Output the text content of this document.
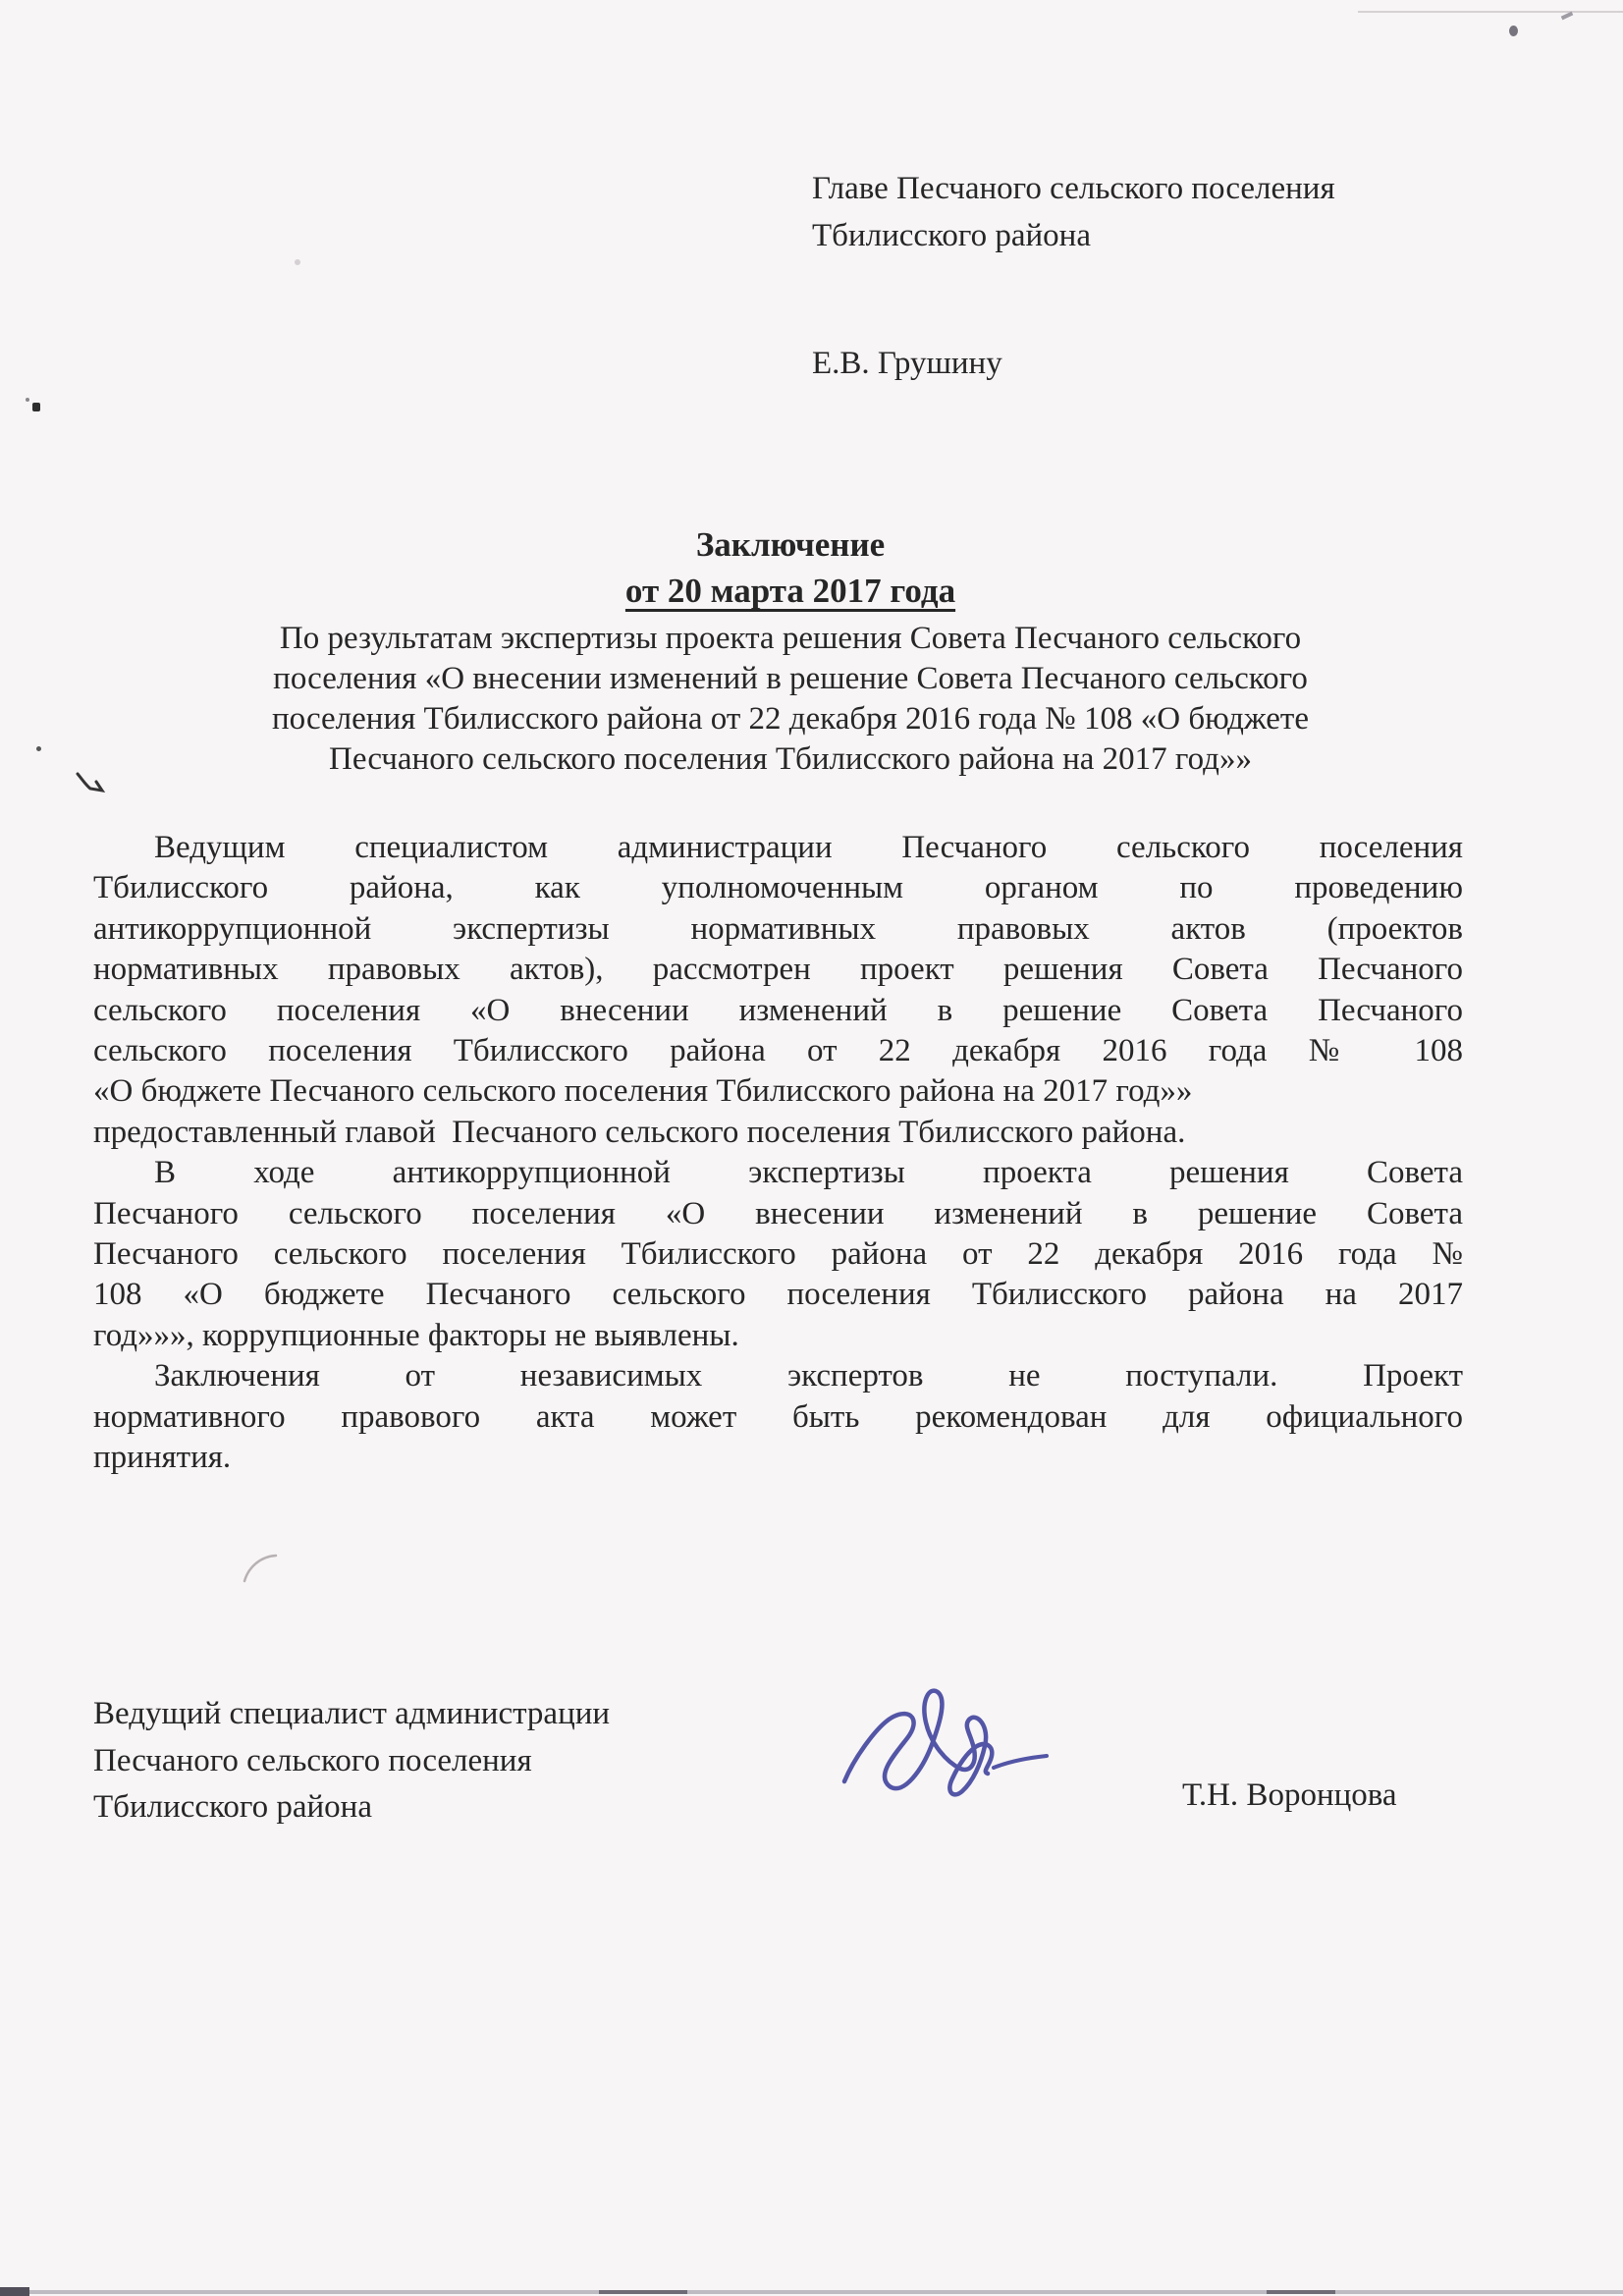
Главе Песчаного сельского поселения
Тбилисского района
Е.В. Грушину
Заключение
от 20 марта 2017 года
По результатам экспертизы проекта решения Совета Песчаного сельского
поселения «О внесении изменений в решение Совета Песчаного сельского
поселения Тбилисского района от 22 декабря 2016 года № 108 «О бюджете
Песчаного сельского поселения Тбилисского района на 2017 год»»
Ведущим специалистом администрации Песчаного сельского поселения
Тбилисского района, как уполномоченным органом по проведению
антикоррупционной экспертизы нормативных правовых актов (проектов
нормативных правовых актов), рассмотрен проект решения Совета Песчаного
сельского поселения «О внесении изменений в решение Совета Песчаного
сельского поселения Тбилисского района от 22 декабря 2016 года № 108
«О бюджете Песчаного сельского поселения Тбилисского района на 2017 год»»
предоставленный главой  Песчаного сельского поселения Тбилисского района.
В ходе антикоррупционной экспертизы проекта решения Совета
Песчаного сельского поселения «О внесении изменений в решение Совета
Песчаного сельского поселения Тбилисского района от 22 декабря 2016 года №
108 «О бюджете Песчаного сельского поселения Тбилисского района на 2017
год»»», коррупционные факторы не выявлены.
Заключения от независимых экспертов не поступали. Проект
нормативного правового акта может быть рекомендован для официального
принятия.
Ведущий специалист администрации
Песчаного сельского поселения
Тбилисского района	Т.Н. Воронцова
